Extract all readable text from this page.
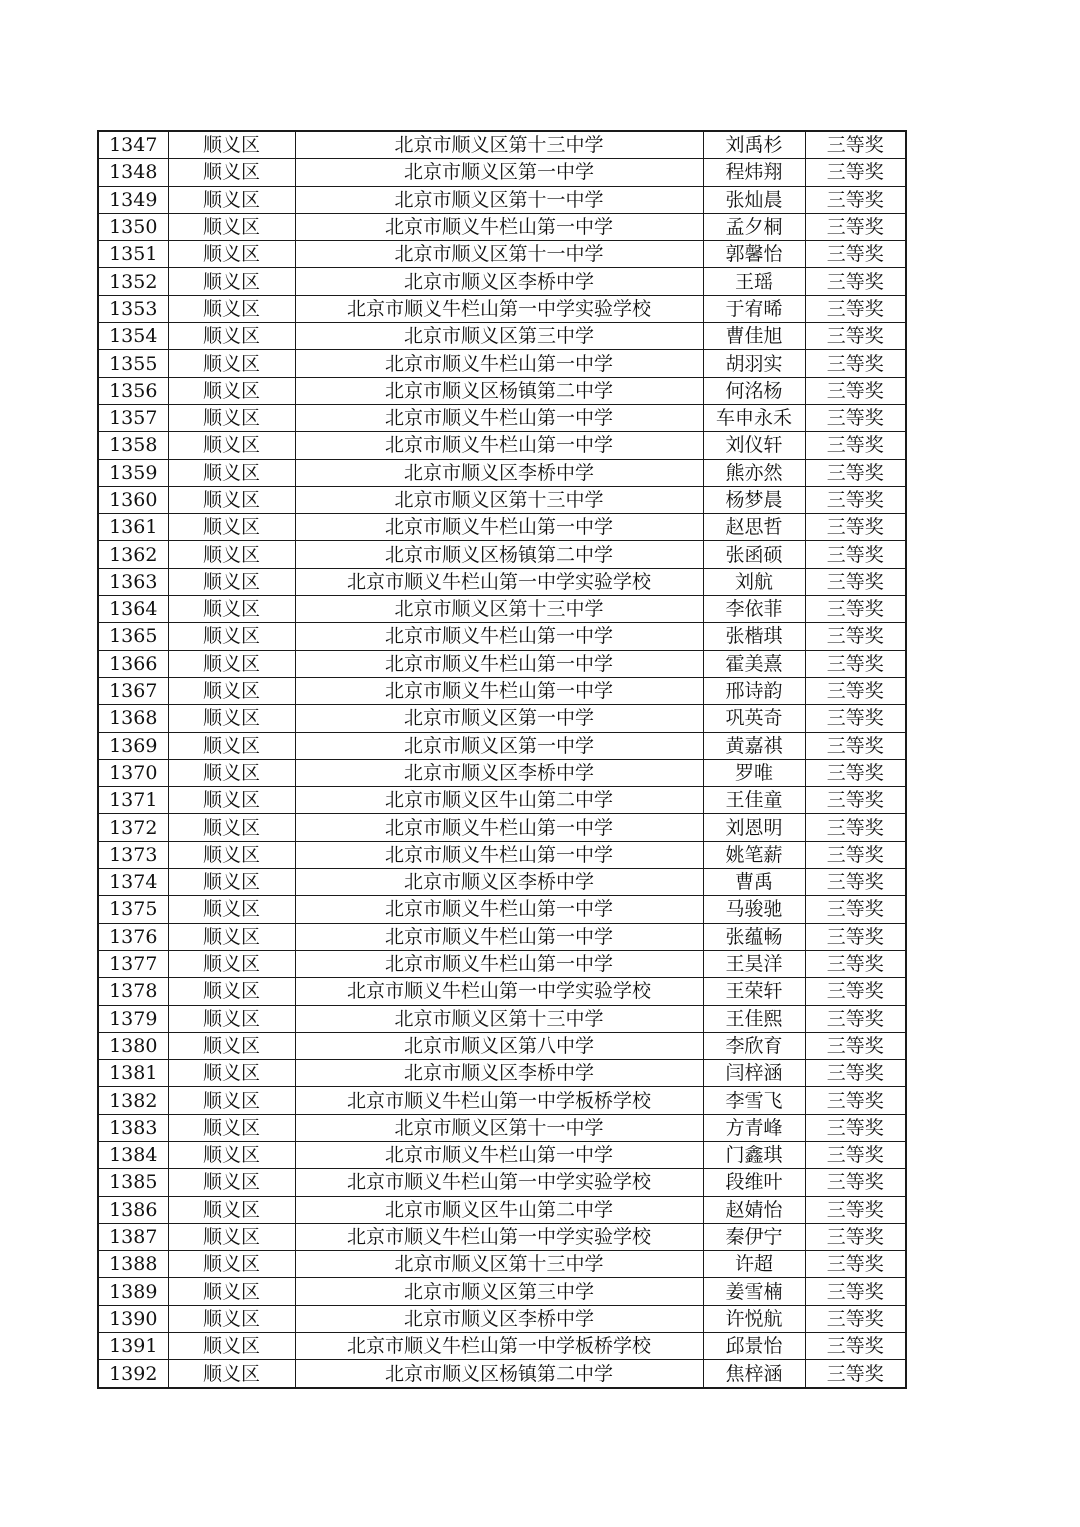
1347	顺义区	北京市顺义区第十三中学	刘禹杉	三等奖
1348	顺义区	北京市顺义区第一中学	程炜翔	三等奖
1349	顺义区	北京市顺义区第十一中学	张灿晨	三等奖
1350	顺义区	北京市顺义牛栏山第一中学	孟夕桐	三等奖
1351	顺义区	北京市顺义区第十一中学	郭馨怡	三等奖
1352	顺义区	北京市顺义区李桥中学	王瑶	三等奖
1353	顺义区	北京市顺义牛栏山第一中学实验学校	于宥晞	三等奖
1354	顺义区	北京市顺义区第三中学	曹佳旭	三等奖
1355	顺义区	北京市顺义牛栏山第一中学	胡羽实	三等奖
1356	顺义区	北京市顺义区杨镇第二中学	何洺杨	三等奖
1357	顺义区	北京市顺义牛栏山第一中学	车申永禾	三等奖
1358	顺义区	北京市顺义牛栏山第一中学	刘仪轩	三等奖
1359	顺义区	北京市顺义区李桥中学	熊亦然	三等奖
1360	顺义区	北京市顺义区第十三中学	杨梦晨	三等奖
1361	顺义区	北京市顺义牛栏山第一中学	赵思哲	三等奖
1362	顺义区	北京市顺义区杨镇第二中学	张函硕	三等奖
1363	顺义区	北京市顺义牛栏山第一中学实验学校	刘航	三等奖
1364	顺义区	北京市顺义区第十三中学	李依菲	三等奖
1365	顺义区	北京市顺义牛栏山第一中学	张楷琪	三等奖
1366	顺义区	北京市顺义牛栏山第一中学	霍美熹	三等奖
1367	顺义区	北京市顺义牛栏山第一中学	邢诗韵	三等奖
1368	顺义区	北京市顺义区第一中学	巩英奇	三等奖
1369	顺义区	北京市顺义区第一中学	黄嘉祺	三等奖
1370	顺义区	北京市顺义区李桥中学	罗唯	三等奖
1371	顺义区	北京市顺义区牛山第二中学	王佳童	三等奖
1372	顺义区	北京市顺义牛栏山第一中学	刘恩明	三等奖
1373	顺义区	北京市顺义牛栏山第一中学	姚笔薪	三等奖
1374	顺义区	北京市顺义区李桥中学	曹禹	三等奖
1375	顺义区	北京市顺义牛栏山第一中学	马骏驰	三等奖
1376	顺义区	北京市顺义牛栏山第一中学	张蕴畅	三等奖
1377	顺义区	北京市顺义牛栏山第一中学	王昊洋	三等奖
1378	顺义区	北京市顺义牛栏山第一中学实验学校	王荣轩	三等奖
1379	顺义区	北京市顺义区第十三中学	王佳熙	三等奖
1380	顺义区	北京市顺义区第八中学	李欣育	三等奖
1381	顺义区	北京市顺义区李桥中学	闫梓涵	三等奖
1382	顺义区	北京市顺义牛栏山第一中学板桥学校	李雪飞	三等奖
1383	顺义区	北京市顺义区第十一中学	方青峰	三等奖
1384	顺义区	北京市顺义牛栏山第一中学	门鑫琪	三等奖
1385	顺义区	北京市顺义牛栏山第一中学实验学校	段维叶	三等奖
1386	顺义区	北京市顺义区牛山第二中学	赵婧怡	三等奖
1387	顺义区	北京市顺义牛栏山第一中学实验学校	秦伊宁	三等奖
1388	顺义区	北京市顺义区第十三中学	许超	三等奖
1389	顺义区	北京市顺义区第三中学	姜雪楠	三等奖
1390	顺义区	北京市顺义区李桥中学	许悦航	三等奖
1391	顺义区	北京市顺义牛栏山第一中学板桥学校	邱景怡	三等奖
1392	顺义区	北京市顺义区杨镇第二中学	焦梓涵	三等奖
